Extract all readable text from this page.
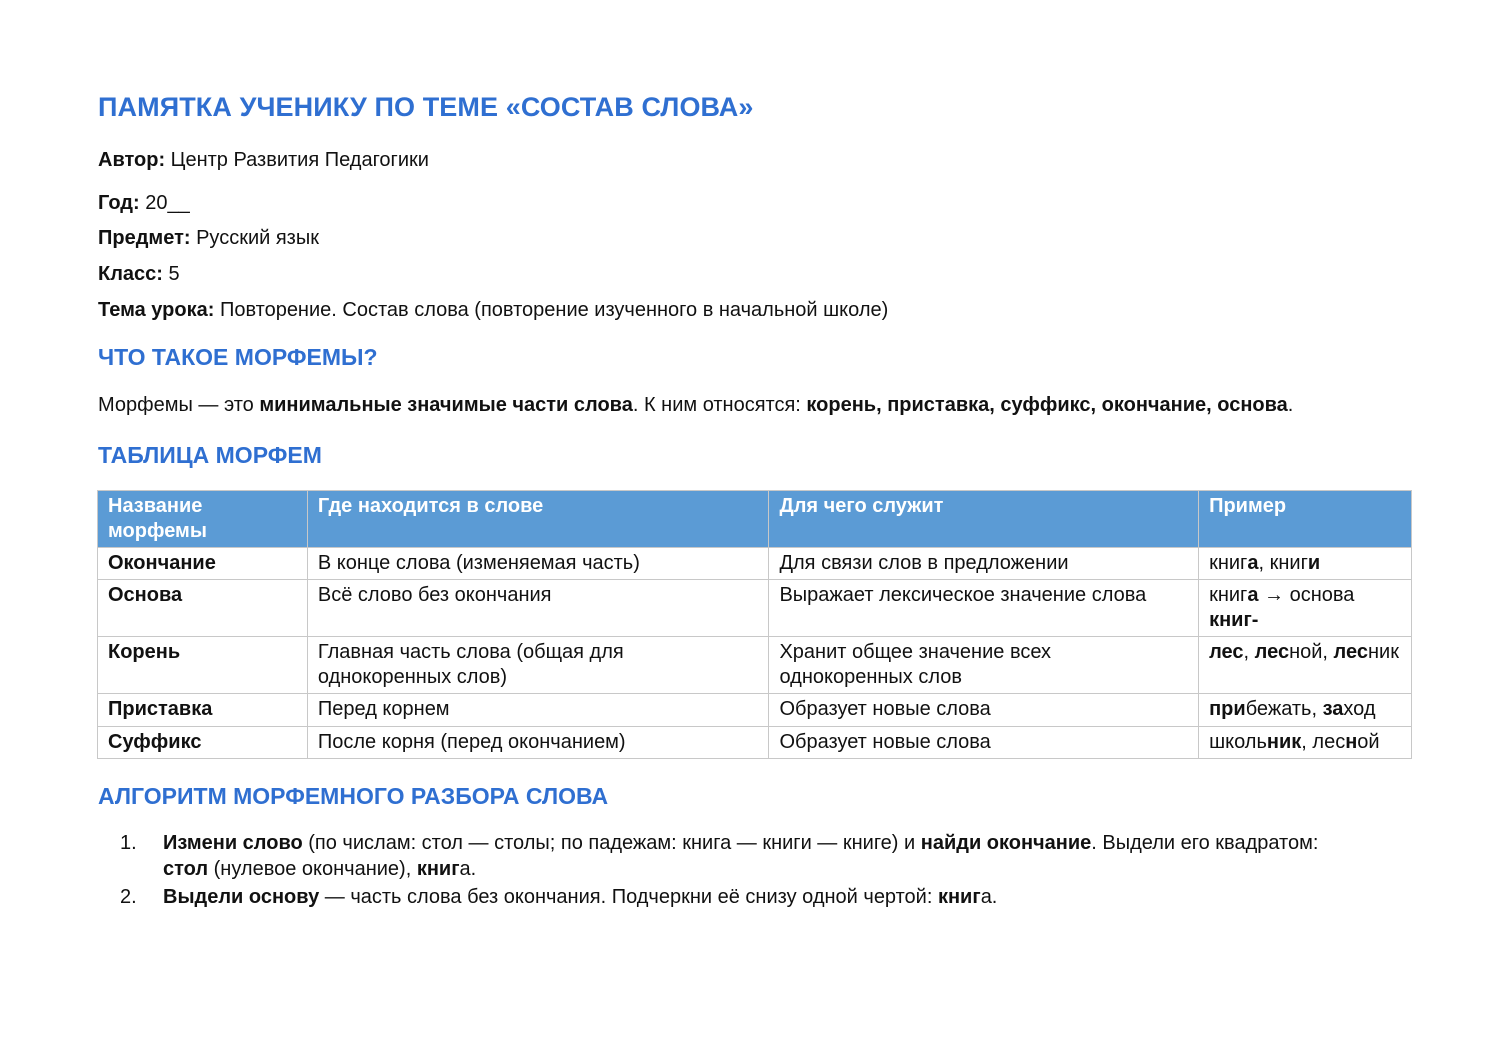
ПАМЯТКА УЧЕНИКУ ПО ТЕМЕ «СОСТАВ СЛОВА»

Автор: Центр Развития Педагогики

Год: 20__

Предмет: Русский язык

Класс: 5

Тема урока: Повторение. Состав слова (повторение изученного в начальной школе)

ЧТО ТАКОЕ МОРФЕМЫ?

Морфемы — это минимальные значимые части слова. К ним относятся: корень, приставка, суффикс, окончание, основа.

ТАБЛИЦА МОРФЕМ
Название морфемы	Где находится в слове	Для чего служит	Пример
Окончание	В конце слова (изменяемая часть)	Для связи слов в предложении	книга, книги
Основа	Всё слово без окончания	Выражает лексическое значение слова	книга → основа книг-
Корень	Главная часть слова (общая для однокоренных слов)	Хранит общее значение всех однокоренных слов	лес, лесной, лесник
Приставка	Перед корнем	Образует новые слова	прибежать, заход
Суффикс	После корня (перед окончанием)	Образует новые слова	школьник, лесной
АЛГОРИТМ МОРФЕМНОГО РАЗБОРА СЛОВА
1. Измени слово (по числам: стол — столы; по падежам: книга — книги — книге) и найди окончание. Выдели его квадратом: стол (нулевое окончание), книга.
2. Выдели основу — часть слова без окончания. Подчеркни её снизу одной чертой: книга.
